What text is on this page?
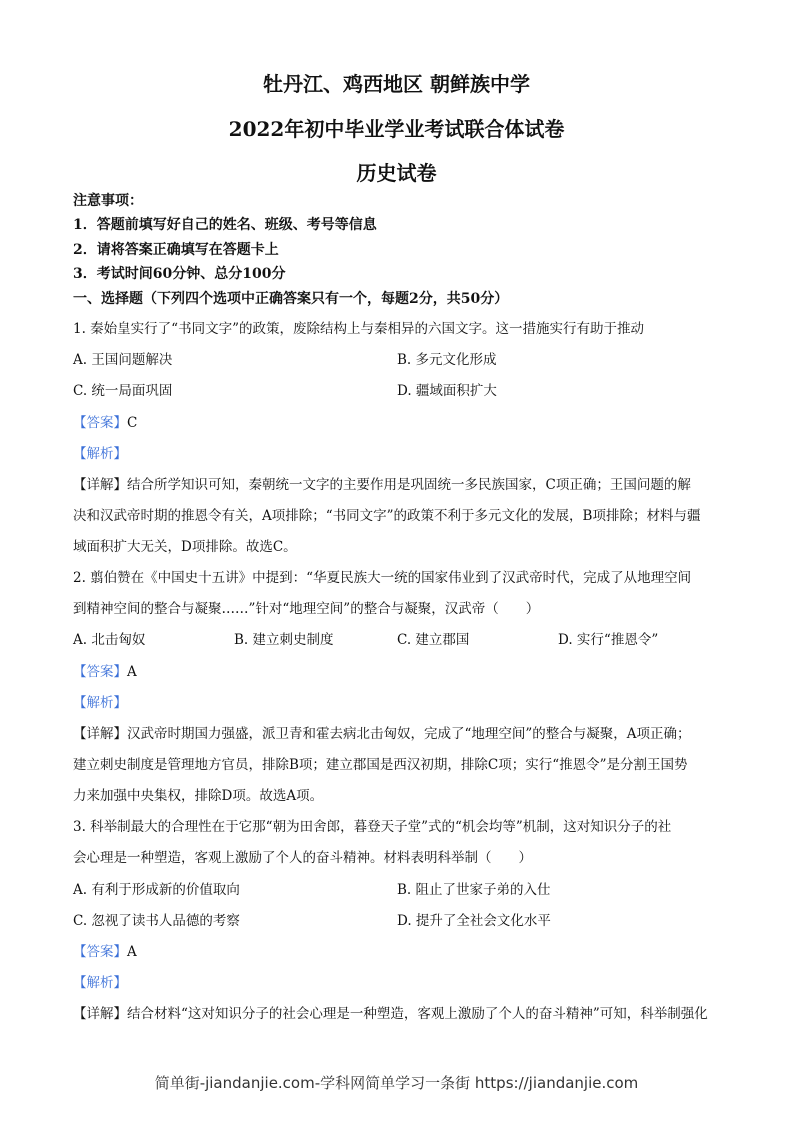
牡丹江、鸡西地区 朝鲜族中学
2022年初中毕业学业考试联合体试卷
历史试卷
注意事项：
1．答题前填写好自己的姓名、班级、考号等信息
2．请将答案正确填写在答题卡上
3．考试时间60分钟、总分100分
一、选择题（下列四个选项中正确答案只有一个，每题2分，共50分）
1. 秦始皇实行了“书同文字”的政策，废除结构上与秦相异的六国文字。这一措施实行有助于推动
A. 王国问题解决	B. 多元文化形成
C. 统一局面巩固	D. 疆域面积扩大
【答案】C
【解析】
【详解】结合所学知识可知，秦朝统一文字的主要作用是巩固统一多民族国家，C项正确；王国问题的解
决和汉武帝时期的推恩令有关，A项排除；“书同文字”的政策不利于多元文化的发展，B项排除；材料与疆
域面积扩大无关，D项排除。故选C。
2. 翦伯赞在《中国史十五讲》中提到：“华夏民族大一统的国家伟业到了汉武帝时代，完成了从地理空间
到精神空间的整合与凝聚……”针对“地理空间”的整合与凝聚，汉武帝（　　）
A. 北击匈奴	B. 建立刺史制度	C. 建立郡国	D. 实行“推恩令”
【答案】A
【解析】
【详解】汉武帝时期国力强盛，派卫青和霍去病北击匈奴，完成了“地理空间”的整合与凝聚，A项正确；
建立刺史制度是管理地方官员，排除B项；建立郡国是西汉初期，排除C项；实行“推恩令”是分割王国势
力来加强中央集权，排除D项。故选A项。
3. 科举制最大的合理性在于它那“朝为田舍郎，暮登天子堂”式的“机会均等”机制，这对知识分子的社
会心理是一种塑造，客观上激励了个人的奋斗精神。材料表明科举制（　　）
A. 有利于形成新的价值取向	B. 阻止了世家子弟的入仕
C. 忽视了读书人品德的考察	D. 提升了全社会文化水平
【答案】A
【解析】
【详解】结合材料“这对知识分子的社会心理是一种塑造，客观上激励了个人的奋斗精神”可知，科举制强化
简单街-jiandanjie.com-学科网简单学习一条街 https://jiandanjie.com
